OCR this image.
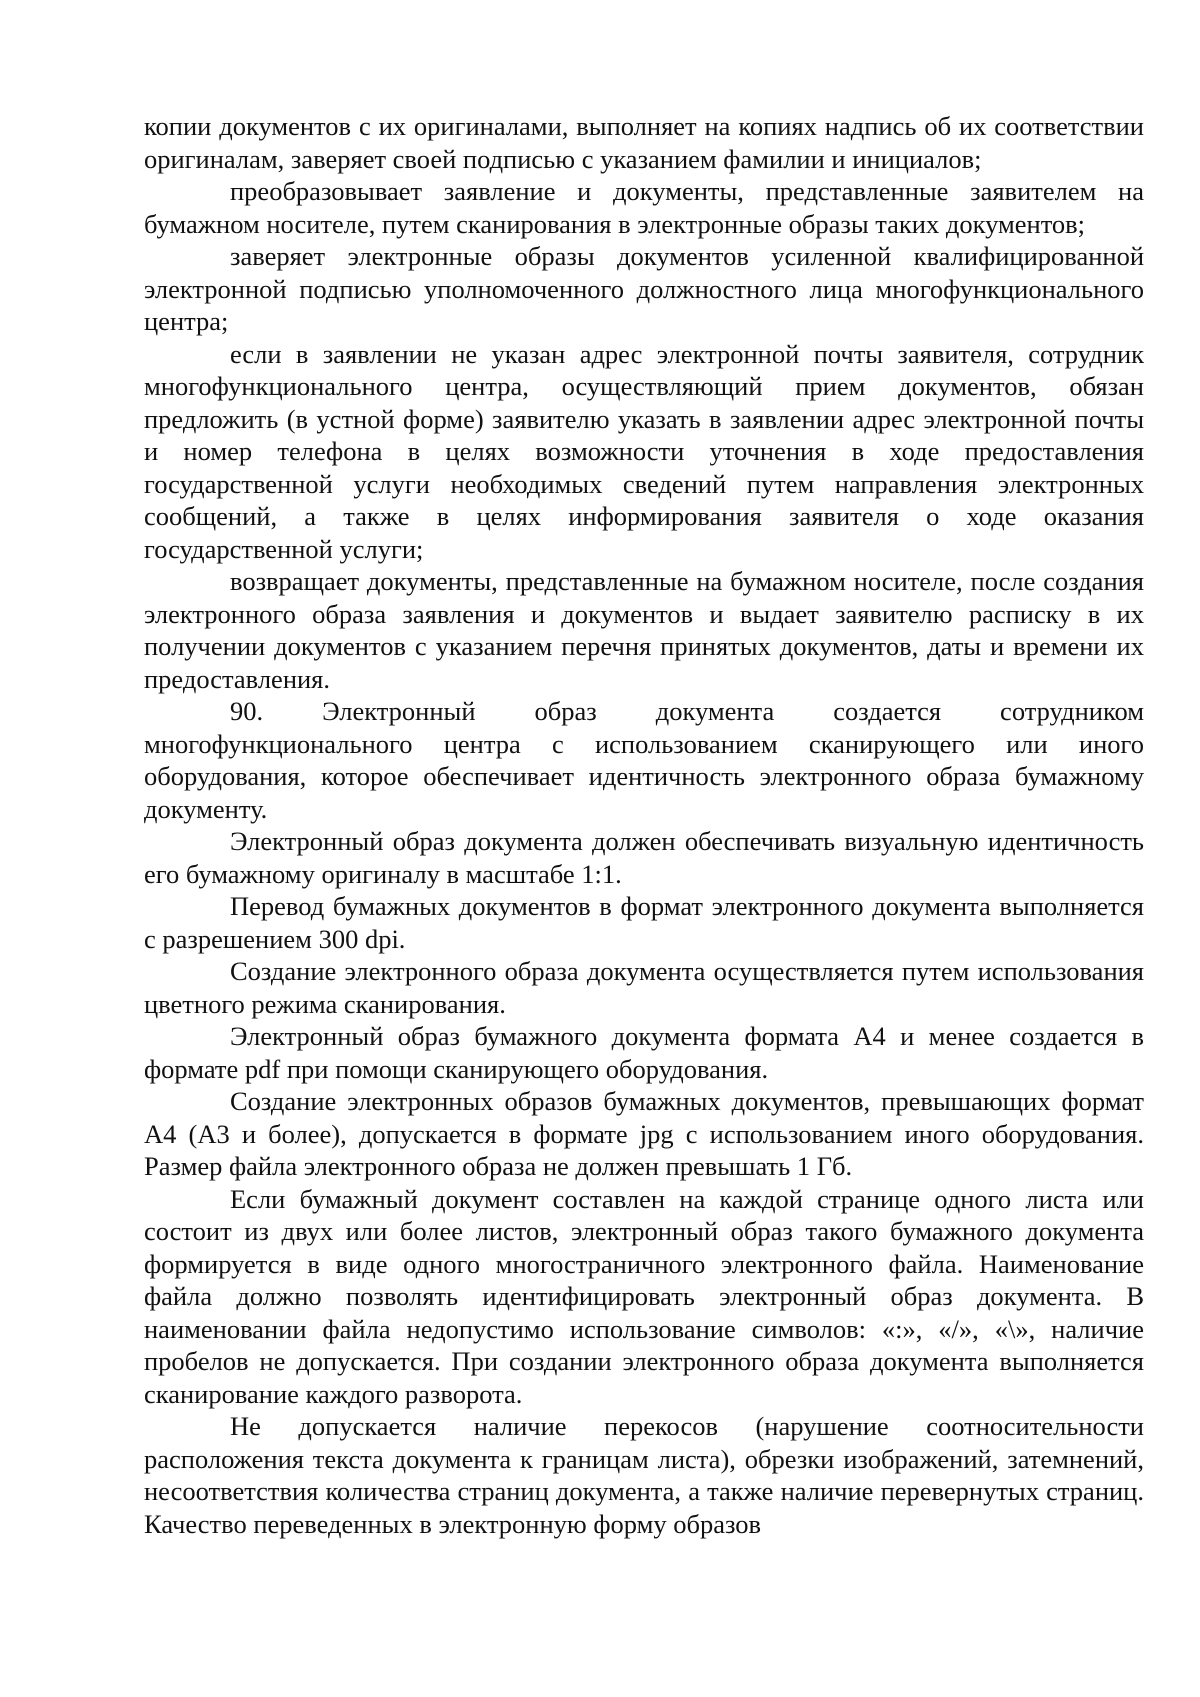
копии документов с их оригиналами, выполняет на копиях надпись об их соответствии оригиналам, заверяет своей подписью с указанием фамилии и инициалов;

преобразовывает заявление и документы, представленные заявителем на бумажном носителе, путем сканирования в электронные образы таких документов;

заверяет электронные образы документов усиленной квалифицированной электронной подписью уполномоченного должностного лица многофункционального центра;

если в заявлении не указан адрес электронной почты заявителя, сотрудник многофункционального центра, осуществляющий прием документов, обязан предложить (в устной форме) заявителю указать в заявлении адрес электронной почты и номер телефона в целях возможности уточнения в ходе предоставления государственной услуги необходимых сведений путем направления электронных сообщений, а также в целях информирования заявителя о ходе оказания государственной услуги;

возвращает документы, представленные на бумажном носителе, после создания электронного образа заявления и документов и выдает заявителю расписку в их получении документов с указанием перечня принятых документов, даты и времени их предоставления.

90. Электронный образ документа создается сотрудником многофункционального центра с использованием сканирующего или иного оборудования, которое обеспечивает идентичность электронного образа бумажному документу.

Электронный образ документа должен обеспечивать визуальную идентичность его бумажному оригиналу в масштабе 1:1.

Перевод бумажных документов в формат электронного документа выполняется с разрешением 300 dpi.

Создание электронного образа документа осуществляется путем использования цветного режима сканирования.

Электронный образ бумажного документа формата А4 и менее создается в формате pdf при помощи сканирующего оборудования.

Создание электронных образов бумажных документов, превышающих формат А4 (А3 и более), допускается в формате jpg с использованием иного оборудования. Размер файла электронного образа не должен превышать 1 Гб.

Если бумажный документ составлен на каждой странице одного листа или состоит из двух или более листов, электронный образ такого бумажного документа формируется в виде одного многостраничного электронного файла. Наименование файла должно позволять идентифицировать электронный образ документа. В наименовании файла недопустимо использование символов: «:», «/», «\», наличие пробелов не допускается. При создании электронного образа документа выполняется сканирование каждого разворота.

Не допускается наличие перекосов (нарушение соотносительности расположения текста документа к границам листа), обрезки изображений, затемнений, несоответствия количества страниц документа, а также наличие перевернутых страниц. Качество переведенных в электронную форму образов
